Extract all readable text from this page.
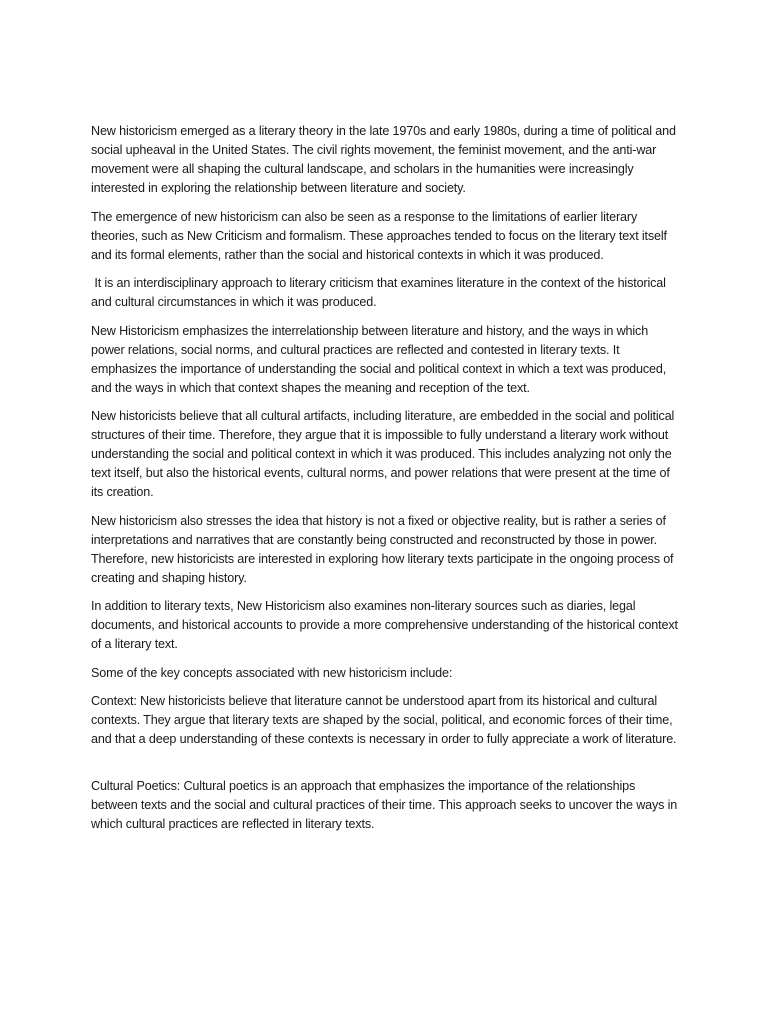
New historicism emerged as a literary theory in the late 1970s and early 1980s, during a time of political and social upheaval in the United States. The civil rights movement, the feminist movement, and the anti-war movement were all shaping the cultural landscape, and scholars in the humanities were increasingly interested in exploring the relationship between literature and society.

The emergence of new historicism can also be seen as a response to the limitations of earlier literary theories, such as New Criticism and formalism. These approaches tended to focus on the literary text itself and its formal elements, rather than the social and historical contexts in which it was produced.

It is an interdisciplinary approach to literary criticism that examines literature in the context of the historical and cultural circumstances in which it was produced.

New Historicism emphasizes the interrelationship between literature and history, and the ways in which power relations, social norms, and cultural practices are reflected and contested in literary texts. It emphasizes the importance of understanding the social and political context in which a text was produced, and the ways in which that context shapes the meaning and reception of the text.

New historicists believe that all cultural artifacts, including literature, are embedded in the social and political structures of their time. Therefore, they argue that it is impossible to fully understand a literary work without understanding the social and political context in which it was produced. This includes analyzing not only the text itself, but also the historical events, cultural norms, and power relations that were present at the time of its creation.

New historicism also stresses the idea that history is not a fixed or objective reality, but is rather a series of interpretations and narratives that are constantly being constructed and reconstructed by those in power. Therefore, new historicists are interested in exploring how literary texts participate in the ongoing process of creating and shaping history.

In addition to literary texts, New Historicism also examines non-literary sources such as diaries, legal documents, and historical accounts to provide a more comprehensive understanding of the historical context of a literary text.

Some of the key concepts associated with new historicism include:

Context: New historicists believe that literature cannot be understood apart from its historical and cultural contexts. They argue that literary texts are shaped by the social, political, and economic forces of their time, and that a deep understanding of these contexts is necessary in order to fully appreciate a work of literature.

Cultural Poetics: Cultural poetics is an approach that emphasizes the importance of the relationships between texts and the social and cultural practices of their time. This approach seeks to uncover the ways in which cultural practices are reflected in literary texts.
